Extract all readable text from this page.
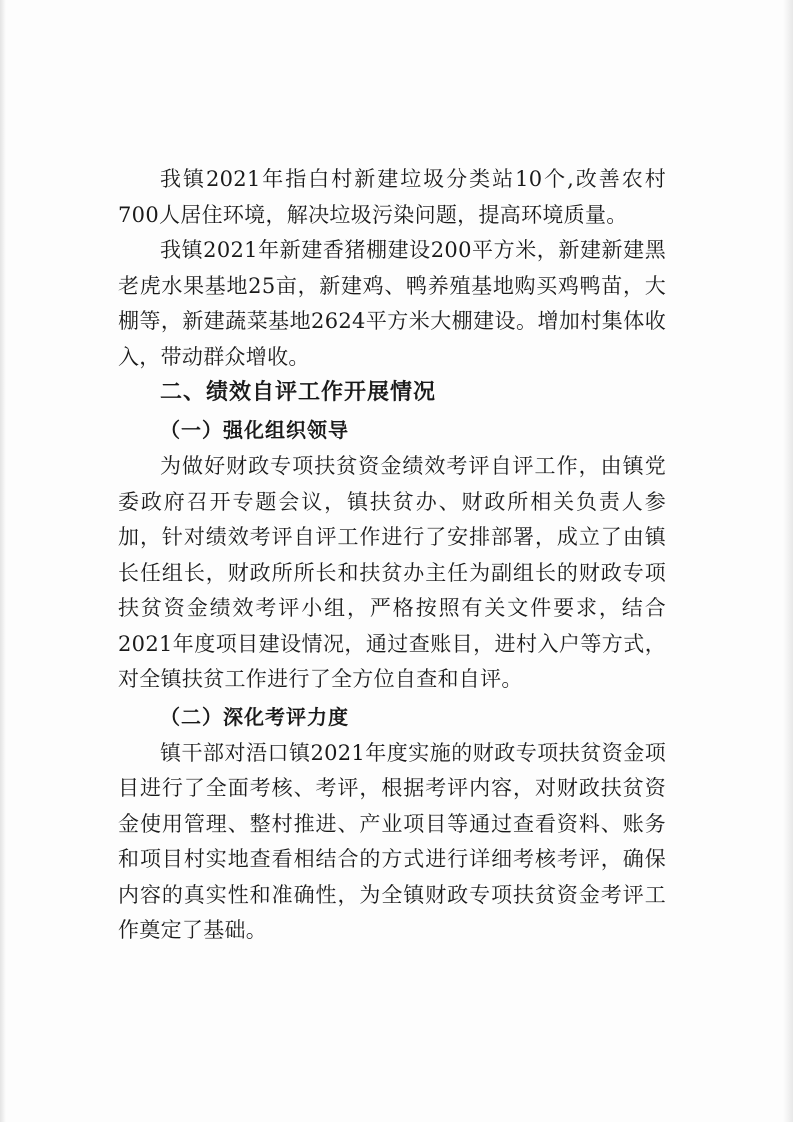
我镇2021年指白村新建垃圾分类站10个,改善农村700人居住环境，解决垃圾污染问题，提高环境质量。

我镇2021年新建香猪棚建设200平方米，新建新建黑老虎水果基地25亩，新建鸡、鸭养殖基地购买鸡鸭苗，大棚等，新建蔬菜基地2624平方米大棚建设。增加村集体收入，带动群众增收。

二、绩效自评工作开展情况
（一）强化组织领导

为做好财政专项扶贫资金绩效考评自评工作，由镇党委政府召开专题会议，镇扶贫办、财政所相关负责人参加，针对绩效考评自评工作进行了安排部署，成立了由镇长任组长，财政所所长和扶贫办主任为副组长的财政专项扶贫资金绩效考评小组，严格按照有关文件要求，结合2021年度项目建设情况，通过查账目，进村入户等方式，对全镇扶贫工作进行了全方位自查和自评。

（二）深化考评力度

镇干部对浯口镇2021年度实施的财政专项扶贫资金项目进行了全面考核、考评，根据考评内容，对财政扶贫资金使用管理、整村推进、产业项目等通过查看资料、账务和项目村实地查看相结合的方式进行详细考核考评，确保内容的真实性和准确性，为全镇财政专项扶贫资金考评工作奠定了基础。
